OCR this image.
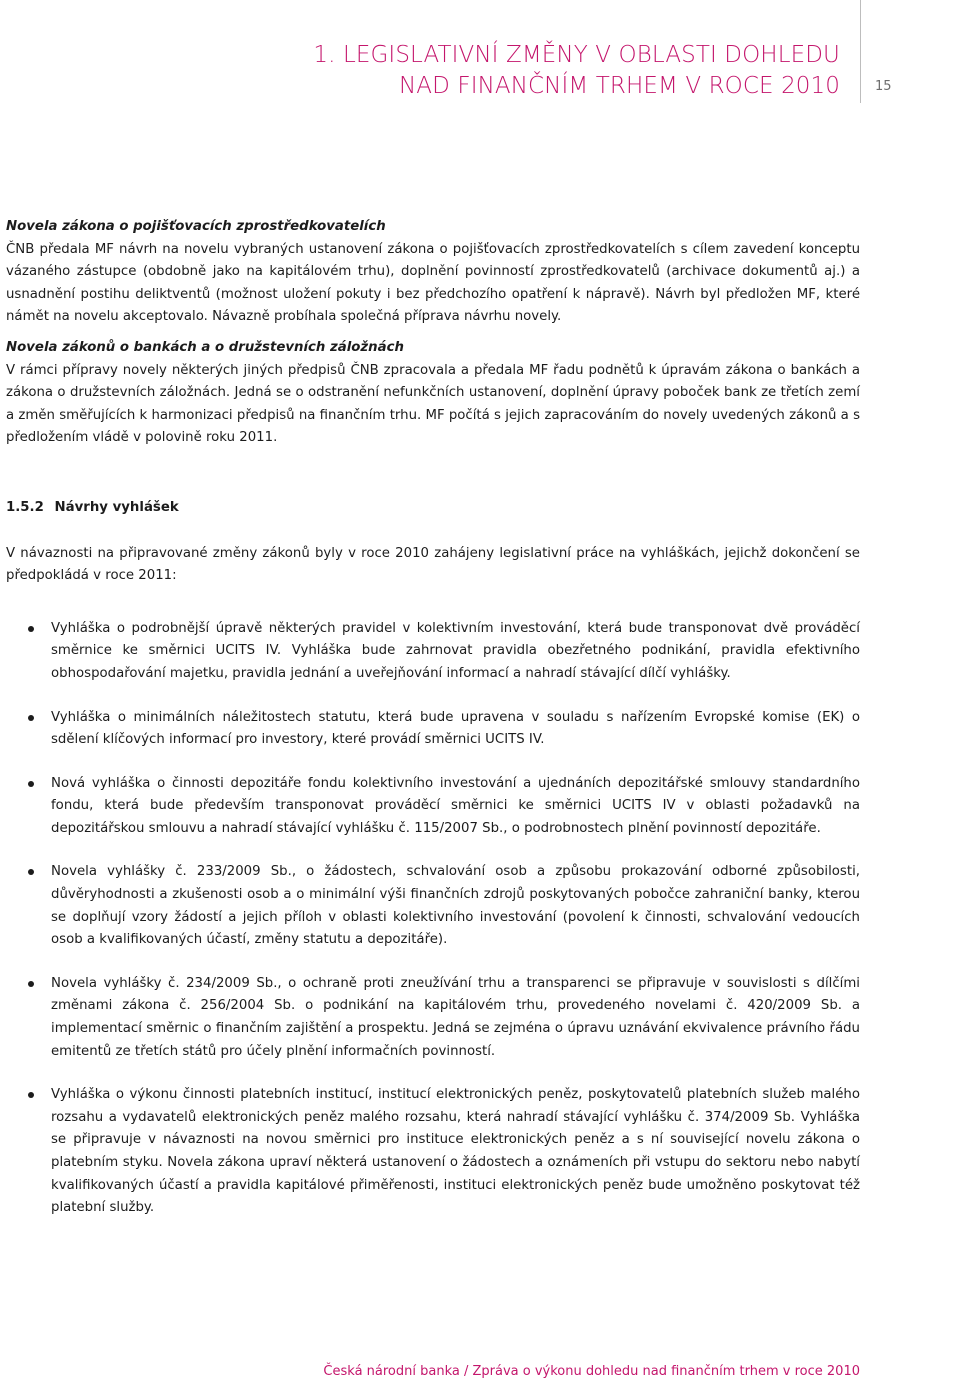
1. LEGISLATIVNÍ ZMĚNY V OBLASTI DOHLEDU
NAD FINANČNÍM TRHEM V ROCE 2010	15

Novela zákona o pojišťovacích zprostředkovatelích

ČNB předala MF návrh na novelu vybraných ustanovení zákona o pojišťovacích zprostředkovatelích s cílem zavedení konceptu vázaného zástupce (obdobně jako na kapitálovém trhu), doplnění povinností zprostředkovatelů (archivace dokumentů aj.) a usnadnění postihu deliktventů (možnost uložení pokuty i bez předchozího opatření k nápravě). Návrh byl předložen MF, které námět na novelu akceptovalo. Návazně probíhala společná příprava návrhu novely.

Novela zákonů o bankách a o družstevních záložnách

V rámci přípravy novely některých jiných předpisů ČNB zpracovala a předala MF řadu podnětů k úpravám zákona o bankách a zákona o družstevních záložnách. Jedná se o odstranění nefunkčních ustanovení, doplnění úpravy poboček bank ze třetích zemí a změn směřujících k harmonizaci předpisů na finančním trhu. MF počítá s jejich zapracováním do novely uvedených zákonů a s předložením vládě v polovině roku 2011.

1.5.2 Návrhy vyhlášek

V návaznosti na připravované změny zákonů byly v roce 2010 zahájeny legislativní práce na vyhláškách, jejichž dokončení se předpokládá v roce 2011:

Vyhláška o podrobnější úpravě některých pravidel v kolektivním investování, která bude transponovat dvě prováděcí směrnice ke směrnici UCITS IV. Vyhláška bude zahrnovat pravidla obezřetného podnikání, pravidla efektivního obhospodařování majetku, pravidla jednání a uveřejňování informací a nahradí stávající dílčí vyhlášky.
Vyhláška o minimálních náležitostech statutu, která bude upravena v souladu s nařízením Evropské komise (EK) o sdělení klíčových informací pro investory, které provádí směrnici UCITS IV.
Nová vyhláška o činnosti depozitáře fondu kolektivního investování a ujednáních depozitářské smlouvy standardního fondu, která bude především transponovat prováděcí směrnici ke směrnici UCITS IV v oblasti požadavků na depozitářskou smlouvu a nahradí stávající vyhlášku č. 115/2007 Sb., o podrobnostech plnění povinností depozitáře.
Novela vyhlášky č. 233/2009 Sb., o žádostech, schvalování osob a způsobu prokazování odborné způsobilosti, důvěryhodnosti a zkušenosti osob a o minimální výši finančních zdrojů poskytovaných pobočce zahraniční banky, kterou se doplňují vzory žádostí a jejich příloh v oblasti kolektivního investování (povolení k činnosti, schvalování vedoucích osob a kvalifikovaných účastí, změny statutu a depozitáře).
Novela vyhlášky č. 234/2009 Sb., o ochraně proti zneužívání trhu a transparenci se připravuje v souvislosti s dílčími změnami zákona č. 256/2004 Sb. o podnikání na kapitálovém trhu, provedeného novelami č. 420/2009 Sb. a implementací směrnic o finančním zajištění a prospektu. Jedná se zejména o úpravu uznávání ekvivalence právního řádu emitentů ze třetích států pro účely plnění informačních povinností.
Vyhláška o výkonu činnosti platebních institucí, institucí elektronických peněz, poskytovatelů platebních služeb malého rozsahu a vydavatelů elektronických peněz malého rozsahu, která nahradí stávající vyhlášku č. 374/2009 Sb. Vyhláška se připravuje v návaznosti na novou směrnici pro instituce elektronických peněz a s ní související novelu zákona o platebním styku. Novela zákona upraví některá ustanovení o žádostech a oznámeních při vstupu do sektoru nebo nabytí kvalifikovaných účastí a pravidla kapitálové přiměřenosti, instituci elektronických peněz bude umožněno poskytovat též platební služby.
Česká národní banka / Zpráva o výkonu dohledu nad finančním trhem v roce 2010
